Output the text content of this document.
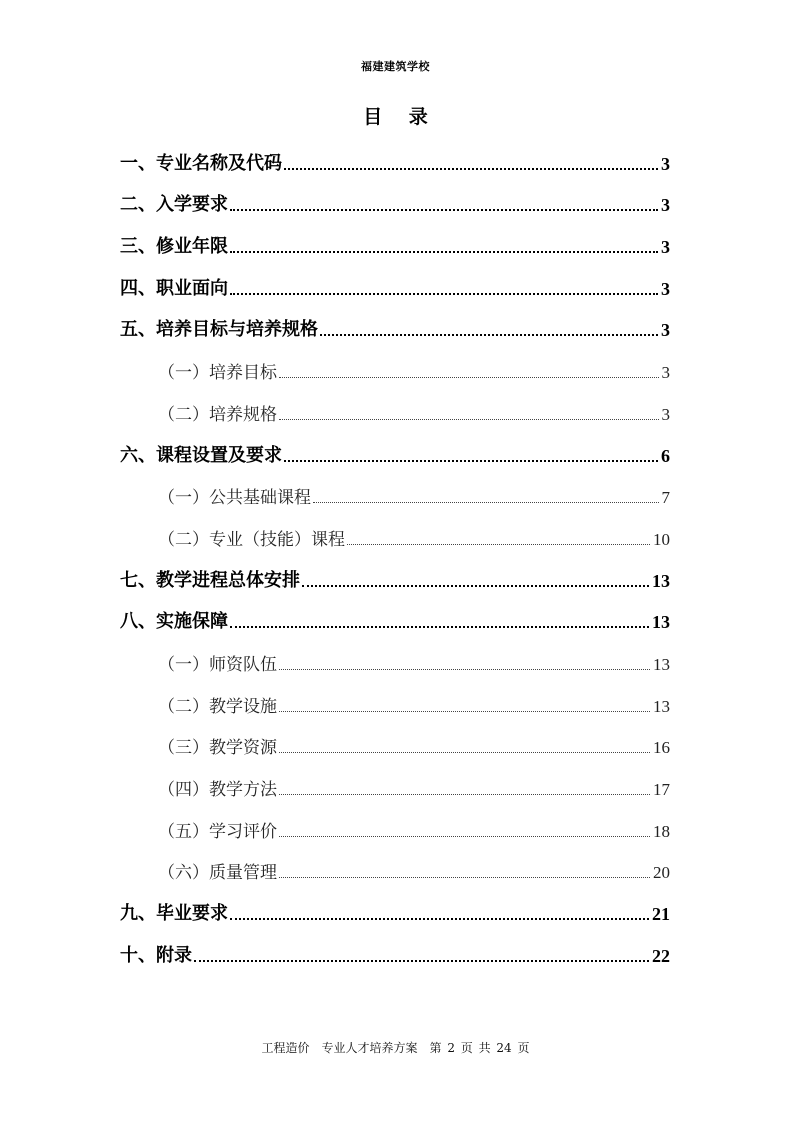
福建建筑学校
目 录
一、专业名称及代码	3
二、入学要求	3
三、修业年限	3
四、职业面向	3
五、培养目标与培养规格	3
（一）培养目标	3
（二）培养规格	3
六、课程设置及要求	6
（一）公共基础课程	7
（二）专业（技能）课程	10
七、教学进程总体安排	13
八、实施保障	13
（一）师资队伍	13
（二）教学设施	13
（三）教学资源	16
（四）教学方法	17
（五）学习评价	18
（六）质量管理	20
九、毕业要求	21
十、附录	22
工程造价　专业人才培养方案　第 2 页 共 24 页
